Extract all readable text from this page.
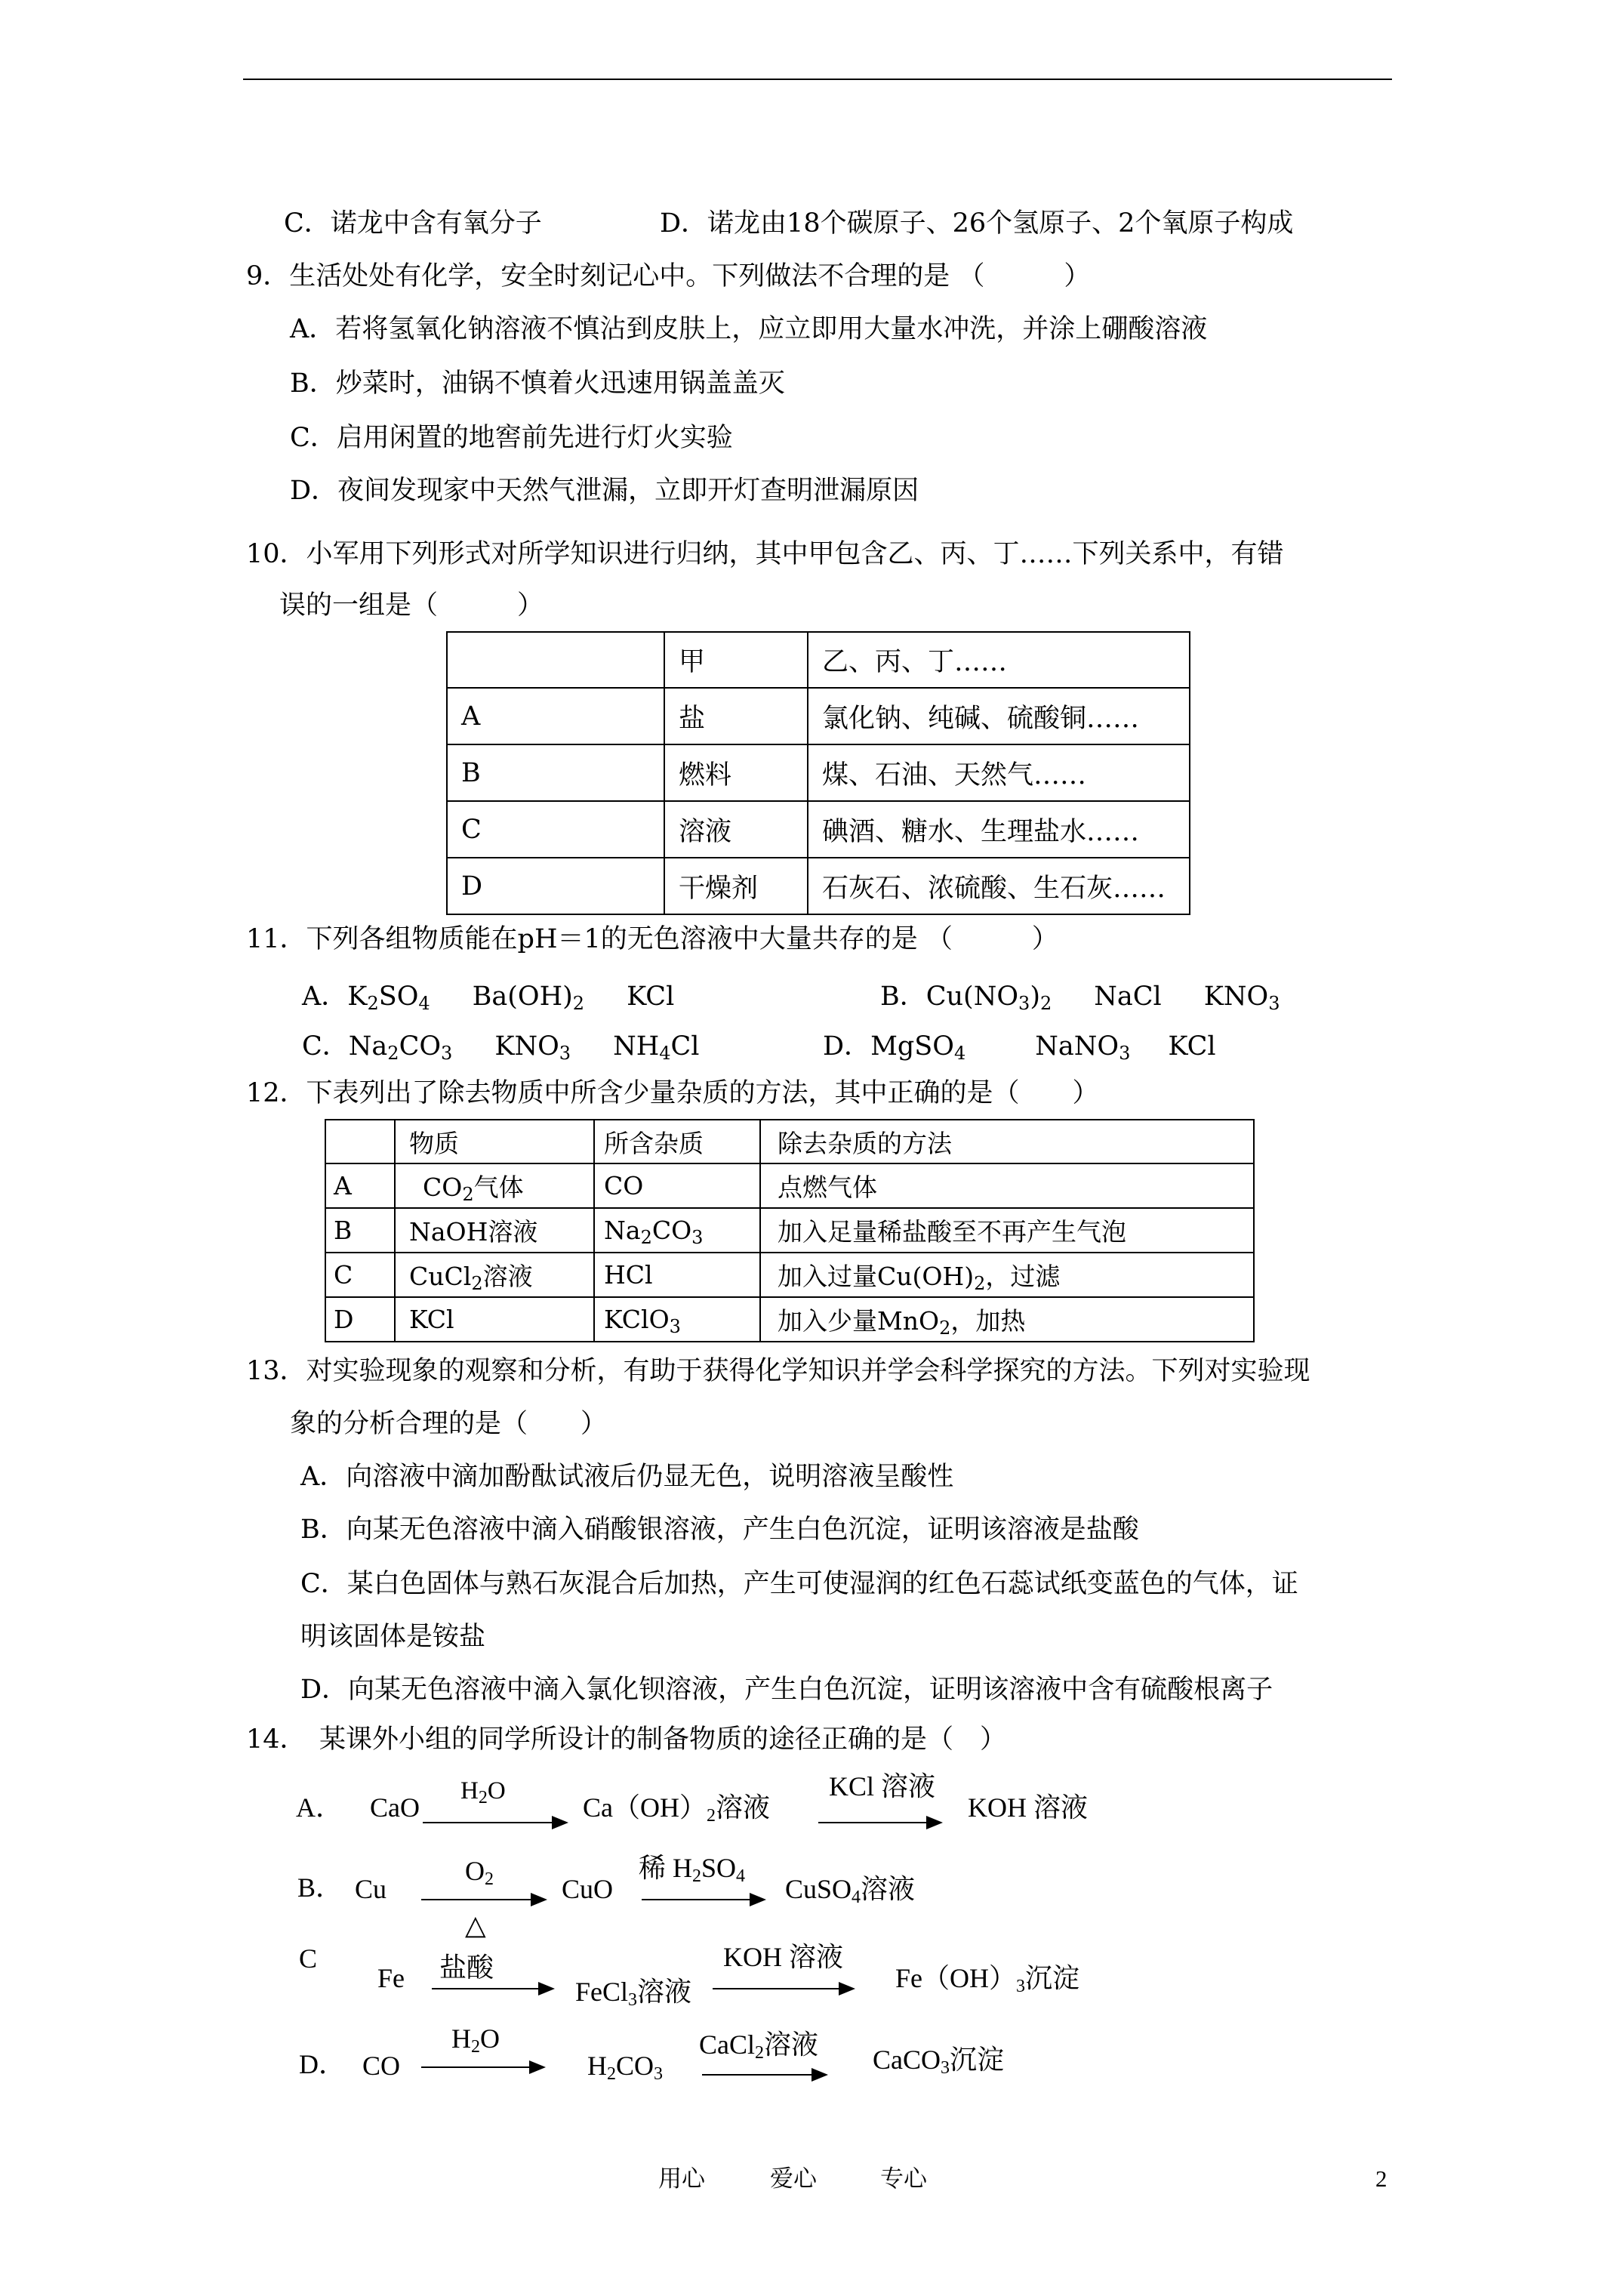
C．诺龙中含有氧分子	D．诺龙由18个碳原子、26个氢原子、2个氧原子构成
9．生活处处有化学，安全时刻记心中。下列做法不合理的是 （　　　）
A．若将氢氧化钠溶液不慎沾到皮肤上，应立即用大量水冲洗，并涂上硼酸溶液
B．炒菜时，油锅不慎着火迅速用锅盖盖灭
C．启用闲置的地窖前先进行灯火实验
D．夜间发现家中天然气泄漏，立即开灯查明泄漏原因
10．小军用下列形式对所学知识进行归纳，其中甲包含乙、丙、丁……下列关系中，有错
误的一组是（　　　）
	甲	乙、丙、丁……
A	盐	氯化钠、纯碱、硫酸铜……
B	燃料	煤、石油、天然气……
C	溶液	碘酒、糖水、生理盐水……
D	干燥剂	石灰石、浓硫酸、生石灰……
11．下列各组物质能在pH＝1的无色溶液中大量共存的是 （　　　）
A．$K_2SO_4$ $Ba(OH)_2$ KCl	B．$Cu(NO_3)_2$ NaCl $KNO_3$
C．$Na_2CO_3$ $KNO_3$ $NH_4Cl$	D．MgSO$_4$	NaNO$_3$ KCl
12．下表列出了除去物质中所含少量杂质的方法，其中正确的是（　　）
	物质	所含杂质	除去杂质的方法
A	$CO_2$气体	CO	点燃气体
B	NaOH溶液	$Na_2CO_3$	加入足量稀盐酸至不再产生气泡
C	CuCl$_2$溶液	HCl	加入过量$Cu(OH)_2$，过滤
D	KCl	KClO$_3$	加入少量MnO$_2$，加热
13．对实验现象的观察和分析，有助于获得化学知识并学会科学探究的方法。下列对实验现
象的分析合理的是（　　）
A．向溶液中滴加酚酞试液后仍显无色，说明溶液呈酸性
B．向某无色溶液中滴入硝酸银溶液，产生白色沉淀，证明该溶液是盐酸
C．某白色固体与熟石灰混合后加热，产生可使湿润的红色石蕊试纸变蓝色的气体，证
明该固体是铵盐
D．向某无色溶液中滴入氯化钡溶液，产生白色沉淀，证明该溶液中含有硫酸根离子
14．　某课外小组的同学所设计的制备物质的途径正确的是（　）
A． CaO
$H_2O$
$Ca(OH)_2$溶液
KCl 溶液
KOH 溶液
B． Cu
$O_2$
△
CuO
稀 $H_2SO_4$ CuSO$_4$溶液
C
Fe 盐酸
FeCl$_3$溶液
KOH 溶液
$Fe(OH)_3$沉淀
D． CO
$H_2O$
$H_2CO_3$
CaCl$_2$溶液 CaCO$_3$沉淀
用心	爱心	专心	2
